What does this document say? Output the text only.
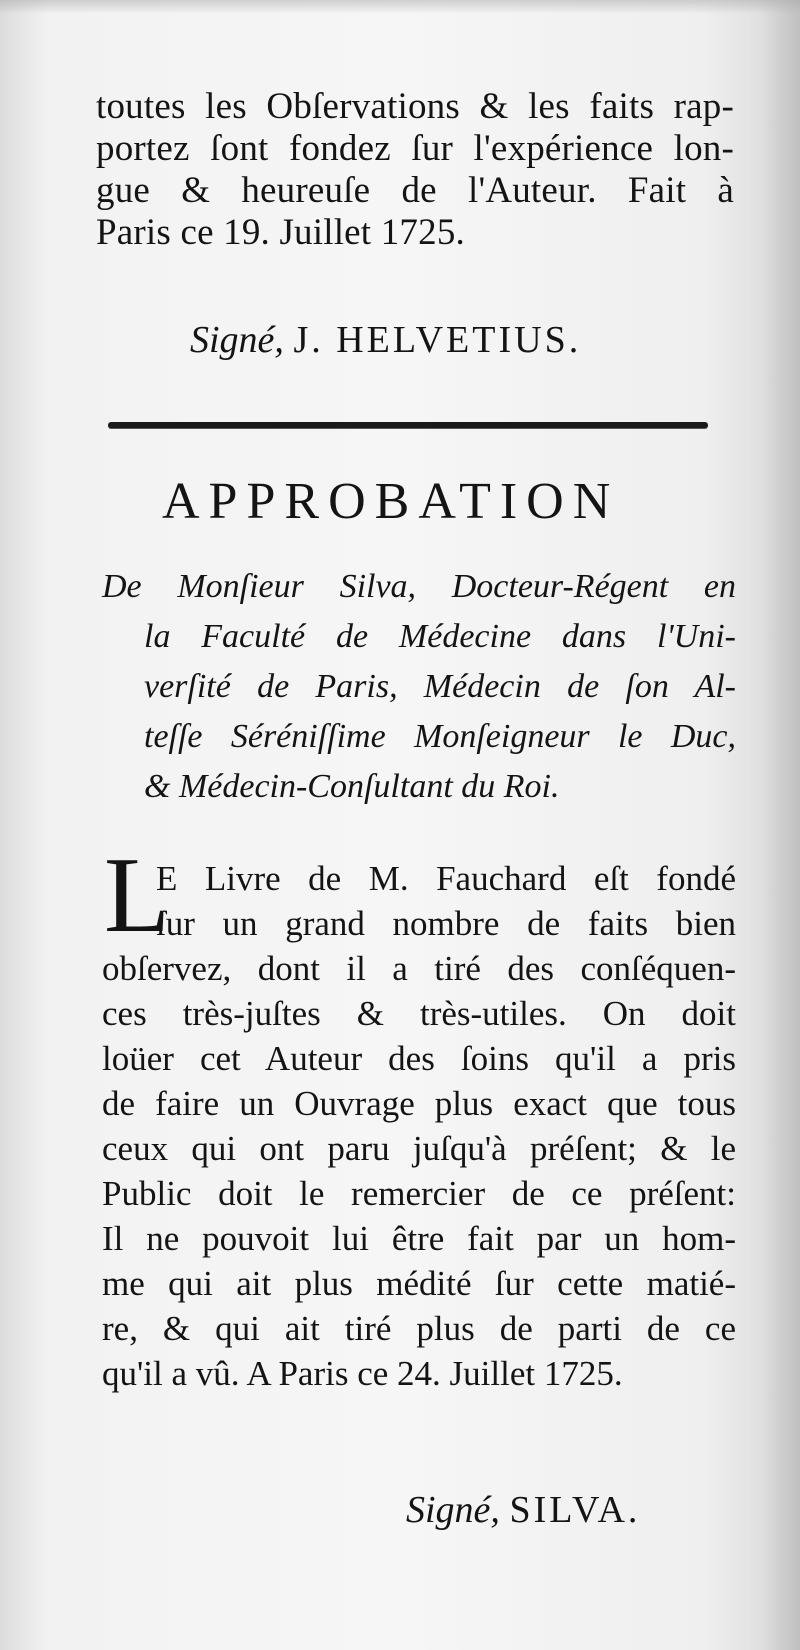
toutes les Obſervations & les faits rap-
portez ſont fondez ſur l'expérience lon-
gue & heureuſe de l'Auteur. Fait à
Paris ce 19. Juillet 1725.
Signé, J. HELVETIUS.
APPROBATION
De Monſieur Silva, Docteur-Régent en
la Faculté de Médecine dans l'Uni-
verſité de Paris, Médecin de ſon Al-
teſſe Séréniſſime Monſeigneur le Duc,
& Médecin-Conſultant du Roi.
L
E Livre de M. Fauchard eſt fondé
ſur un grand nombre de faits bien
obſervez, dont il a tiré des conſéquen-
ces très-juſtes & très-utiles. On doit
loüer cet Auteur des ſoins qu'il a pris
de faire un Ouvrage plus exact que tous
ceux qui ont paru juſqu'à préſent; & le
Public doit le remercier de ce préſent:
Il ne pouvoit lui être fait par un hom-
me qui ait plus médité ſur cette matié-
re, & qui ait tiré plus de parti de ce
qu'il a vû. A Paris ce 24. Juillet 1725.
Signé, SILVA.
